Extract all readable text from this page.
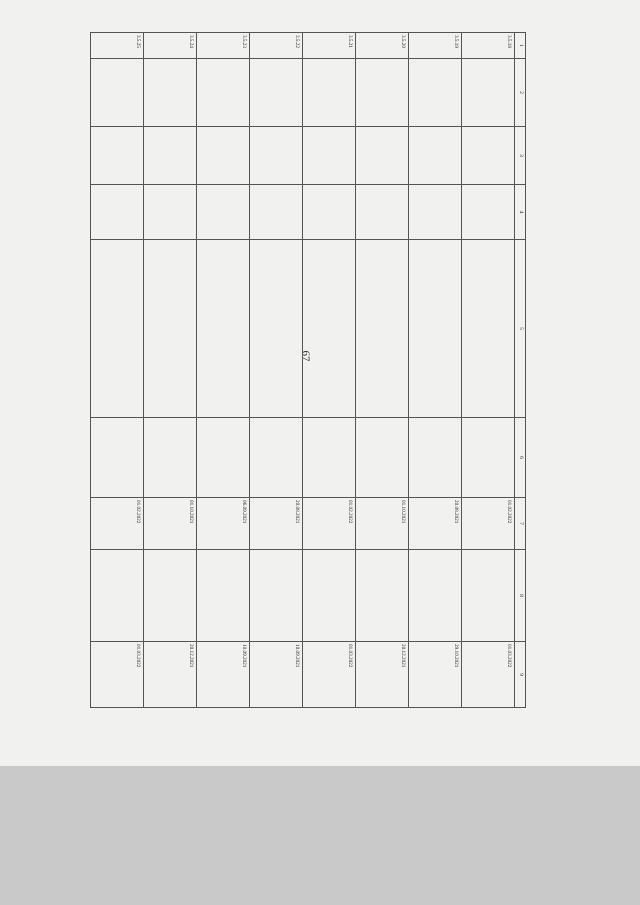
67
1	2	3	4	5	6	7	8	9
3.5.18						01.02.2022		01.03.2022
3.5.19						20.08.2021		29.10.2021
3.5.20						01.10.2021		20.12.2021
3.5.21						01.02.2022		01.03.2022
3.5.22						20.08.2021		10.09.2021
3.5.23						06.09.2021		10.09.2021
3.5.24						01.10.2021		20.12.2021
3.5.25						01.02.2022		01.03.2022
